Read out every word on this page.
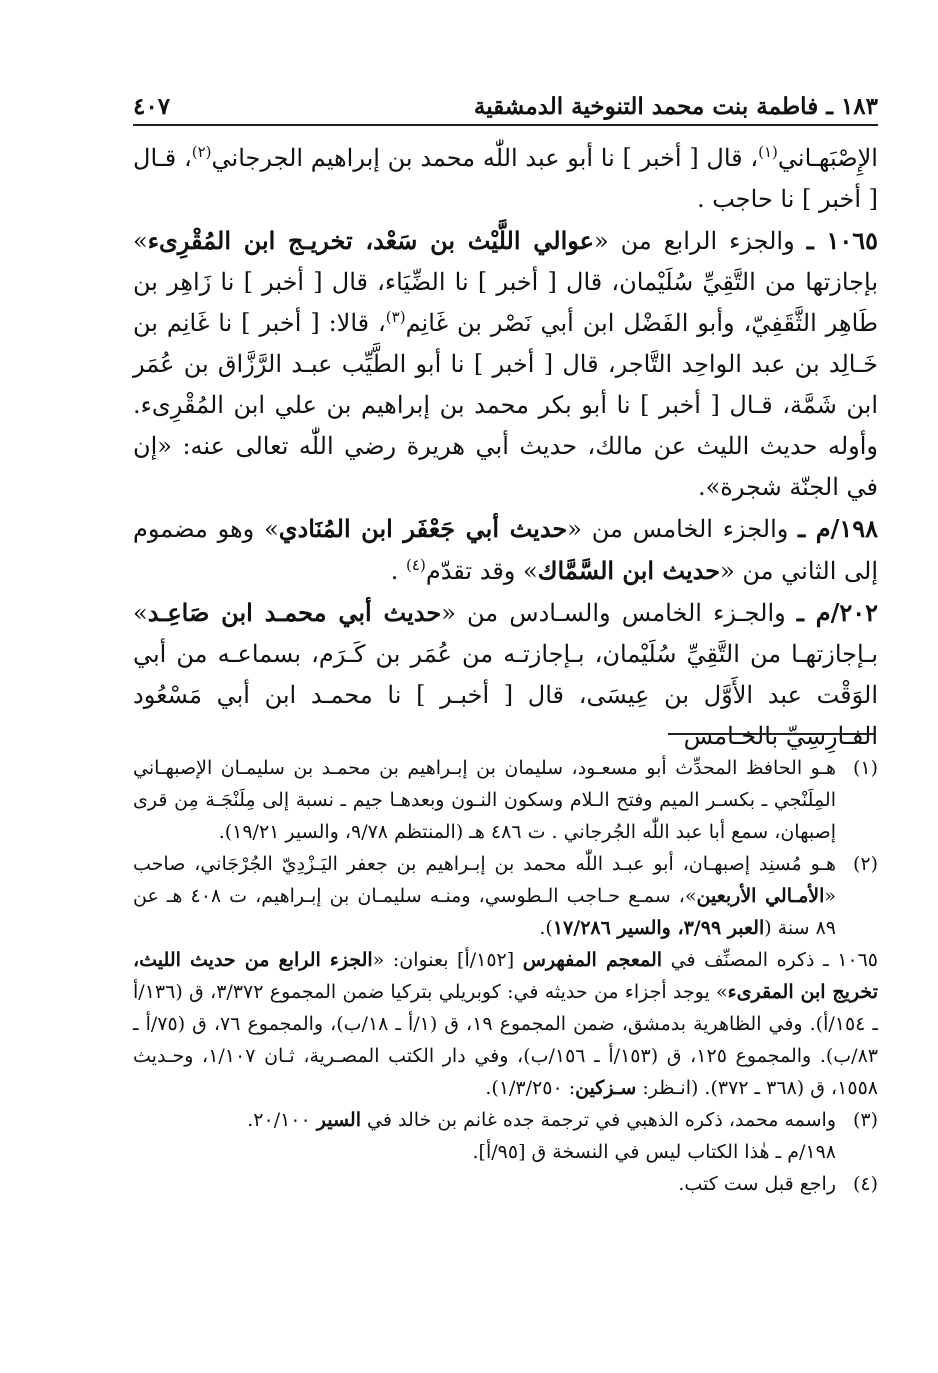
١٨٣ ـ فاطمة بنت محمد التنوخية الدمشقية
٤٠٧

الإِصْبَهـاني$^{(١)}$، قال [ أخبر ] نا أبو عبد اللّٰه محمد بن إبراهيم الجرجاني$^{(٢)}$، قـال [ أخبر ] نا حاجب .

١٠٦٥ ـ والجزء الرابع من «عوالي اللَّيْث بن سَعْد، تخريـج ابن المُقْرِىء» بإجازتها من التَّقِيِّ سُلَيْمان، قال [ أخبر ] نا الضِّيَاء، قال [ أخبر ] نا زَاهِر بن طَاهِر الثَّقَفِيّ، وأبو الفَضْل ابن أبي نَصْر بن غَانِم$^{(٣)}$، قالا: [ أخبر ] نا غَانِم بن خَـالِد بن عبد الواحِد التَّاجر، قال [ أخبر ] نا أبو الطَّيِّب عبـد الرَّزَّاق بن عُمَر ابن شَمَّة، قـال [ أخبر ] نا أبو بكر محمد بن إبراهيم بن علي ابن المُقْرِىء. وأوله حديث الليث عن مالك، حديث أبي هريرة رضي اللّٰه تعالى عنه: «إن في الجنّة شجرة».

١٩٨/م ـ والجزء الخامس من «حديث أبي جَعْفَر ابن المُنَادي» وهو مضموم إلى الثاني من «حديث ابن السَّمَّاك» وقد تقدّم$^{(٤)}$ .

٢٠٢/م ـ والجـزء الخامس والسـادس من «حديث أبي محمـد ابن صَاعِـد» بـإجازتهـا من التَّقِيِّ سُلَيْمان، بـإجازتـه من عُمَر بن كَـرَم، بسماعـه من أبي الوَقْت عبد الأَوَّل بن عِيسَى، قال [ أخبـر ] نا محمـد ابن أبي مَسْعُود الفـارِسِيِّ بالخـامس

(١)
هـو الحافظ المحدِّث أبو مسعـود، سليمان بن إبـراهيم بن محمـد بن سليمـان الإصبهـاني المِلَنْجي ـ بكسـر الميم وفتح الـلام وسكون النـون وبعدهـا جيم ـ نسبة إلى مِلَنْجَـة مِن قرى إصبهان، سمع أبا عبد اللّٰه الجُرجاني . ت ٤٨٦ هـ (المنتظم ٩/٧٨، والسير ١٩/٢١).
(٢)
هـو مُسنِد إصبهـان، أبو عبـد اللّٰه محمد بن إبـراهيم بن جعفر اليَـزْدِيّ الجُرْجَاني، صاحب «الأمـالي الأربعين»، سمـع حـاجب الـطوسي، ومنـه سليمـان بن إبـراهيم، ت ٤٠٨ هـ عن ٨٩ سنة (العبر ٣/٩٩، والسير ١٧/٢٨٦).
١٠٦٥ ـ ذكره المصنِّف في المعجم المفهرس [١٥٢/أ] بعنوان: «الجزء الرابع من حديث الليث، تخريج ابن المقرىء» يوجد أجزاء من حديثه في: كوبريلي بتركيا ضمن المجموع ٣/٣٧٢، ق (١٣٦/أ ـ ١٥٤/أ). وفي الظاهرية بدمشق، ضمن المجموع ١٩، ق (١/أ ـ ١٨/ب)، والمجموع ٧٦، ق (٧٥/أ ـ ٨٣/ب). والمجموع ١٢٥، ق (١٥٣/أ ـ ١٥٦/ب)، وفي دار الكتب المصـرية، ثـان ١/١٠٧، وحـديث ١٥٥٨، ق (٣٦٨ ـ ٣٧٢). (انـظر: سـزكين: ١/٣/٢٥٠).
(٣)
واسمه محمد، ذكره الذهبي في ترجمة جده غانم بن خالد في السير ٢٠/١٠٠.
١٩٨/م ـ هٰذا الكتاب ليس في النسخة ق [٩٥/أ].
(٤)
راجع قبل ست كتب.
